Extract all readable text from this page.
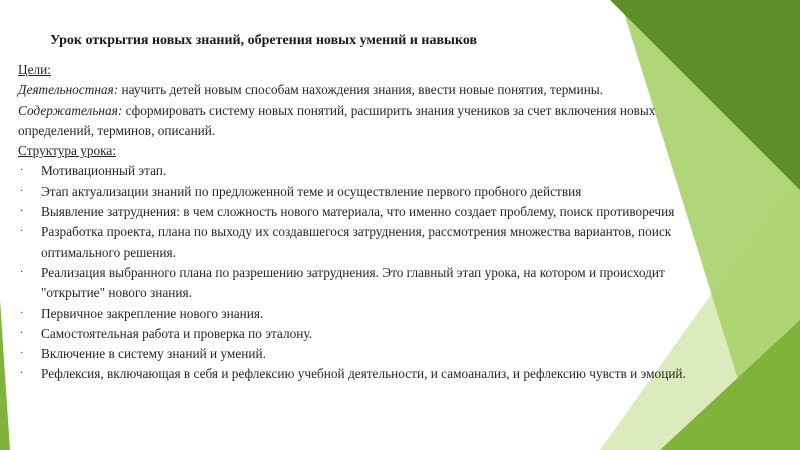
Урок открытия новых знаний, обретения новых умений и навыков

Цели:

Деятельностная: научить детей новым способам нахождения знания, ввести новые понятия, термины.

Содержательная: сформировать систему новых понятий, расширить знания учеников за счет включения новых определений, терминов, описаний.

Структура урока:

· Мотивационный этап.
· Этап актуализации знаний по предложенной теме и осуществление первого пробного действия
· Выявление затруднения: в чем сложность нового материала, что именно создает проблему, поиск противоречия
· Разработка проекта, плана по выходу их создавшегося затруднения, рассмотрения множества вариантов, поиск оптимального решения.
· Реализация выбранного плана по разрешению затруднения. Это главный этап урока, на котором и происходит "открытие" нового знания.
· Первичное закрепление нового знания.
· Самостоятельная работа и проверка по эталону.
· Включение в систему знаний и умений.
· Рефлексия, включающая в себя и рефлексию учебной деятельности, и самоанализ, и рефлексию чувств и эмоций.
